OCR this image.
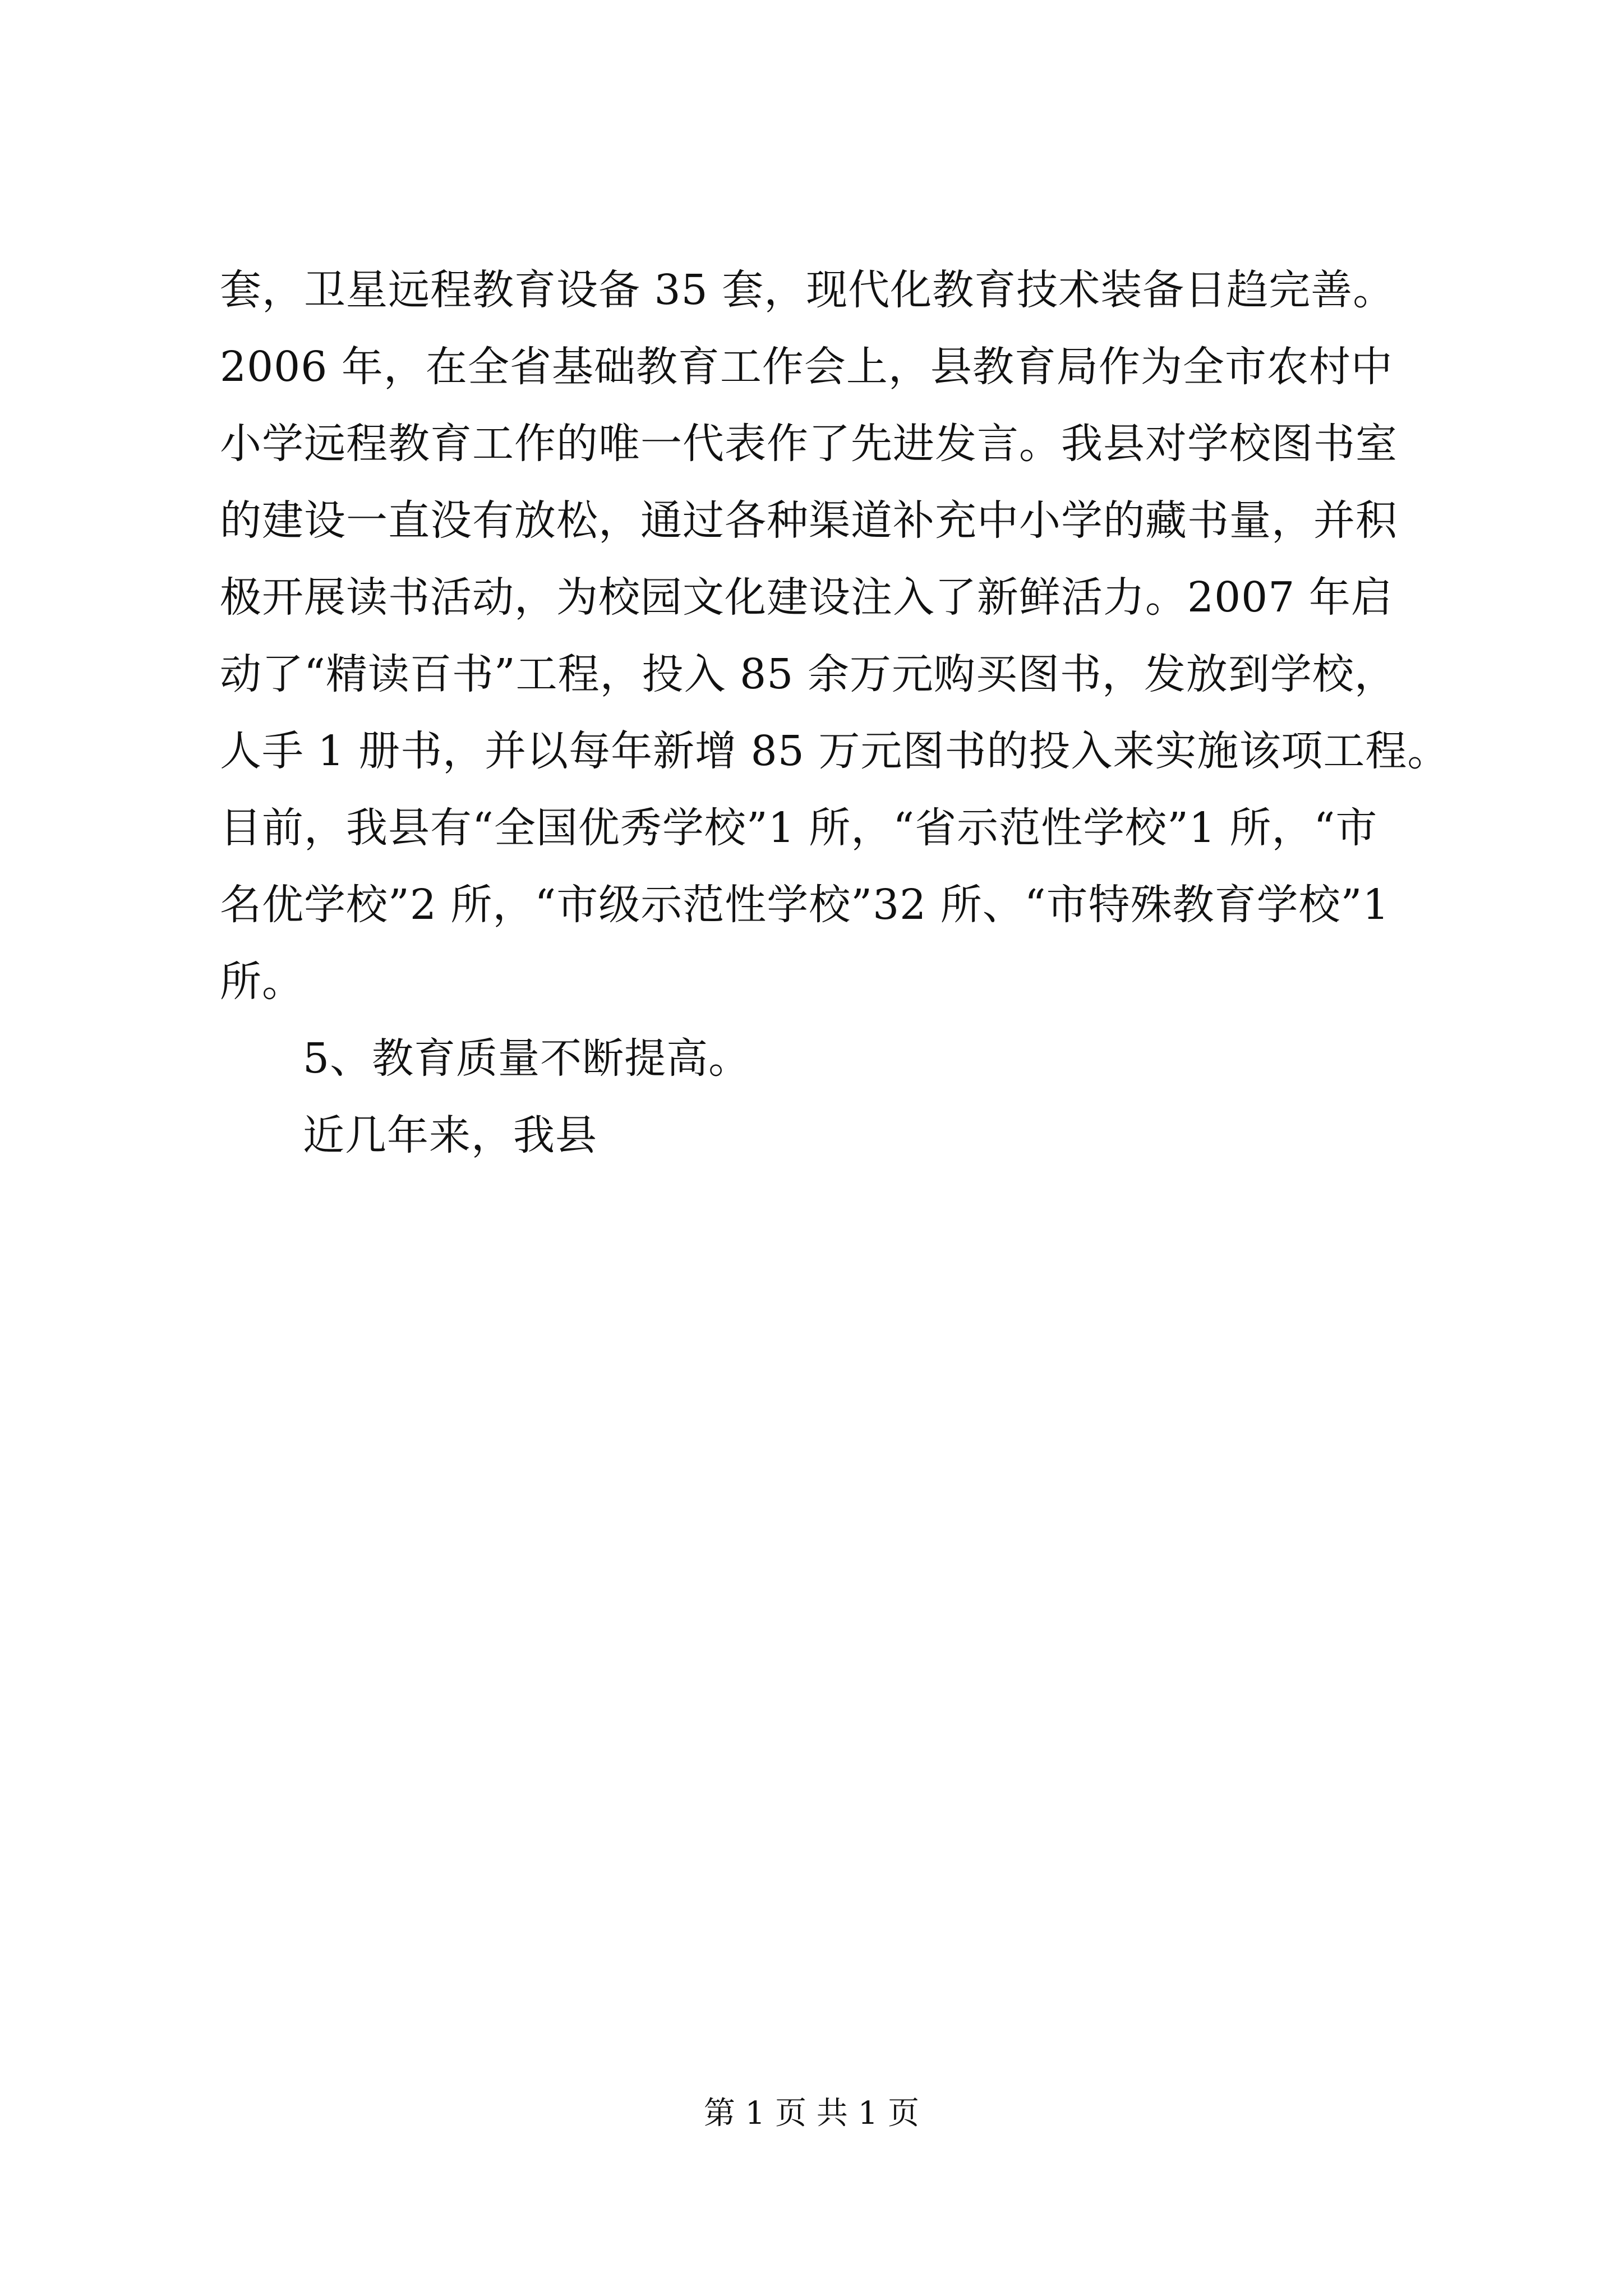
套，卫星远程教育设备 35 套，现代化教育技术装备日趋完善。
2006 年，在全省基础教育工作会上，县教育局作为全市农村中
小学远程教育工作的唯一代表作了先进发言。我县对学校图书室
的建设一直没有放松，通过各种渠道补充中小学的藏书量，并积
极开展读书活动，为校园文化建设注入了新鲜活力。2007 年启
动了“精读百书”工程，投入 85 余万元购买图书，发放到学校，
人手 1 册书，并以每年新增 85 万元图书的投入来实施该项工程。
目前，我县有“全国优秀学校”1 所，“省示范性学校”1 所，“市
名优学校”2 所，“市级示范性学校”32 所、“市特殊教育学校”1
所。
5、教育质量不断提高。
近几年来，我县
第 1 页 共 1 页
